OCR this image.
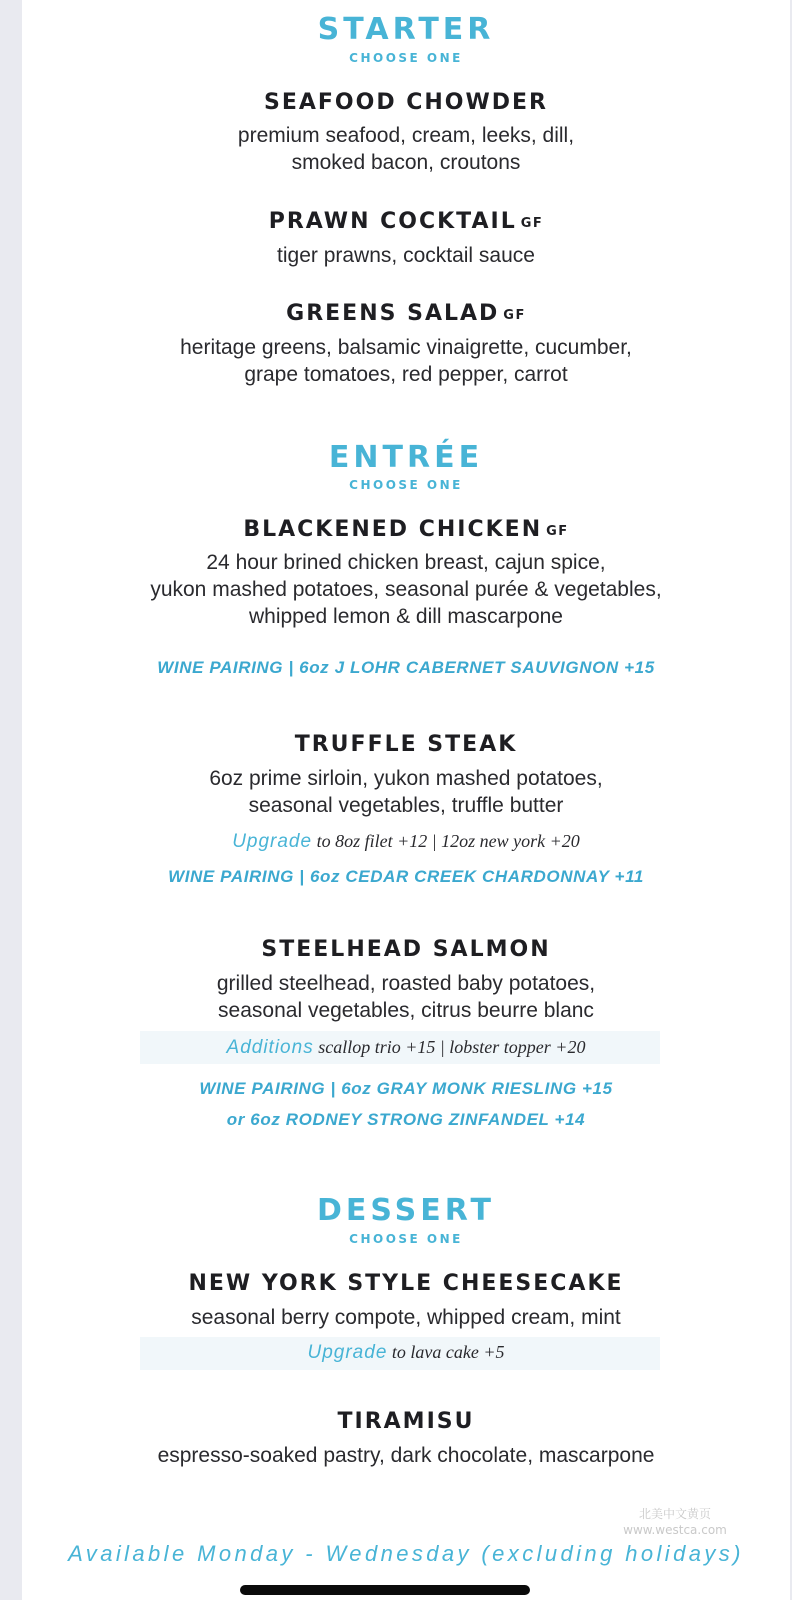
STARTER
CHOOSE ONE
SEAFOOD CHOWDER
premium seafood, cream, leeks, dill,
smoked bacon, croutons
PRAWN COCKTAIL GF
tiger prawns, cocktail sauce
GREENS SALAD GF
heritage greens, balsamic vinaigrette, cucumber,
grape tomatoes, red pepper, carrot
ENTRÉE
CHOOSE ONE
BLACKENED CHICKEN GF
24 hour brined chicken breast, cajun spice,
yukon mashed potatoes, seasonal purée & vegetables,
whipped lemon & dill mascarpone
WINE PAIRING | 6oz J LOHR CABERNET SAUVIGNON +15
TRUFFLE STEAK
6oz prime sirloin, yukon mashed potatoes,
seasonal vegetables, truffle butter
Upgrade to 8oz filet +12 | 12oz new york +20
WINE PAIRING | 6oz CEDAR CREEK CHARDONNAY +11
STEELHEAD SALMON
grilled steelhead, roasted baby potatoes,
seasonal vegetables, citrus beurre blanc
Additions scallop trio +15 | lobster topper +20
WINE PAIRING | 6oz GRAY MONK RIESLING +15
or 6oz RODNEY STRONG ZINFANDEL +14
DESSERT
CHOOSE ONE
NEW YORK STYLE CHEESECAKE
seasonal berry compote, whipped cream, mint
Upgrade to lava cake +5
TIRAMISU
espresso-soaked pastry, dark chocolate, mascarpone
北美中文黄页
www.westca.com
Available Monday - Wednesday (excluding holidays)
